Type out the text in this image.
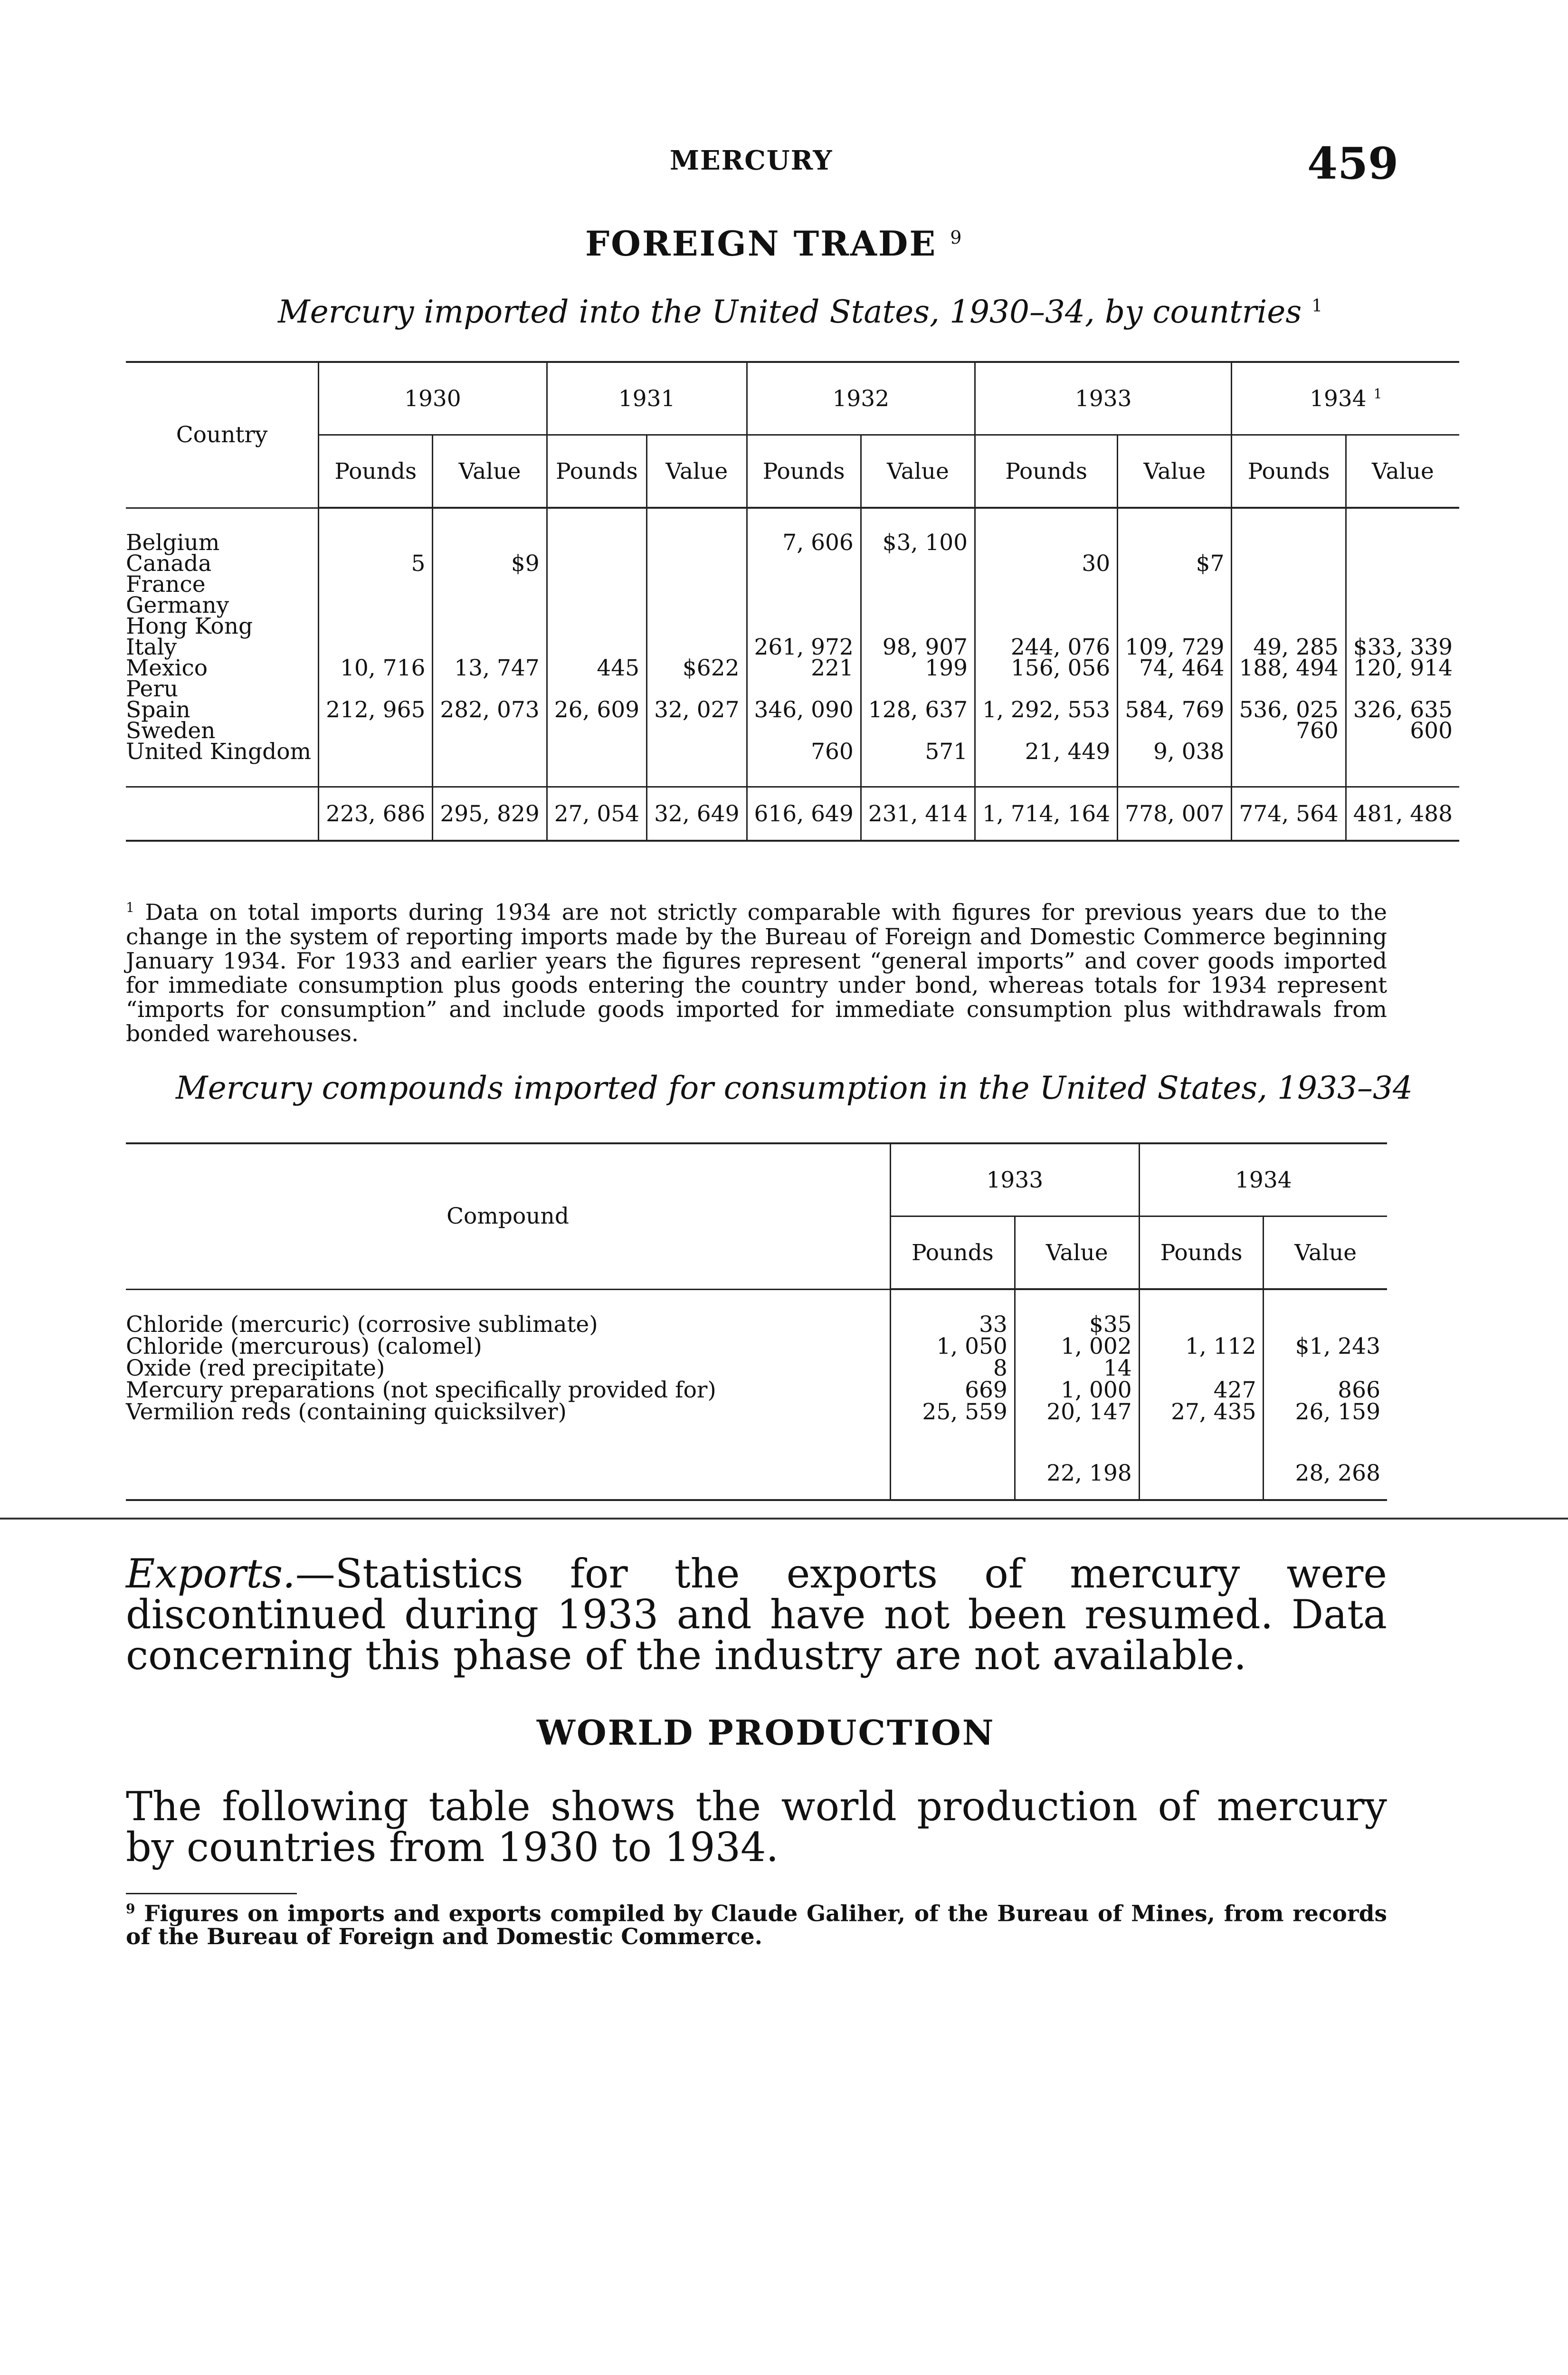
MERCURY	459
FOREIGN TRADE $^9$
Mercury imported into the United States, 1930–34, by countries $^1$
Country	1930		1931		1932		1933		1934 $^1$
	Pounds	Value	Pounds	Value	Pounds	Value	Pounds	Value	Pounds	Value

Belgium					7, 606	$3, 100				
Canada	5	$9					30	$7		
France										
Germany										
Hong Kong										
Italy					261, 972	98, 907	244, 076	109, 729	49, 285	$33, 339
Mexico	10, 716	13, 747	445	$622	221	199	156, 056	74, 464	188, 494	120, 914
Peru										
Spain	212, 965	282, 073	26, 609	32, 027	346, 090	128, 637	1, 292, 553	584, 769	536, 025	326, 635
Sweden									760	600
United Kingdom					760	571	21, 449	9, 038		

	223, 686	295, 829	27, 054	32, 649	616, 649	231, 414	1, 714, 164	778, 007	774, 564	481, 488
$^1$ Data on total imports during 1934 are not strictly comparable with figures for previous years due to the change in the system of reporting imports made by the Bureau of Foreign and Domestic Commerce beginning January 1934. For 1933 and earlier years the figures represent “general imports” and cover goods imported for immediate consumption plus goods entering the country under bond, whereas totals for 1934 represent “imports for consumption” and include goods imported for immediate consumption plus withdrawals from bonded warehouses.
Mercury compounds imported for consumption in the United States, 1933–34
Compound	1933		1934	
	Pounds	Value	Pounds	Value

Chloride (mercuric) (corrosive sublimate)	33	$35		
Chloride (mercurous) (calomel)	1, 050	1, 002	1, 112	$1, 243
Oxide (red precipitate)	8	14		
Mercury preparations (not specifically provided for)	669	1, 000	427	866
Vermilion reds (containing quicksilver)	25, 559	20, 147	27, 435	26, 159

		22, 198		28, 268
Exports.—Statistics for the exports of mercury were discontinued during 1933 and have not been resumed. Data concerning this phase of the industry are not available.
WORLD PRODUCTION
The following table shows the world production of mercury by countries from 1930 to 1934.
$^9$ Figures on imports and exports compiled by Claude Galiher, of the Bureau of Mines, from records of the Bureau of Foreign and Domestic Commerce.
